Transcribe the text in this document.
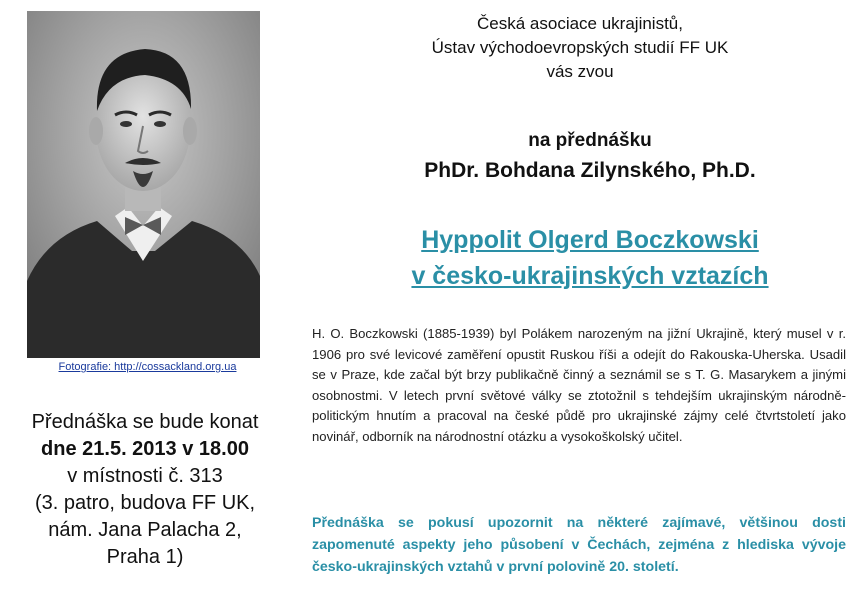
Fotografie: http://cossackland.org.ua
Přednáška se bude konat
dne 21.5. 2013 v 18.00
v místnosti č. 313
(3. patro, budova FF UK,
nám. Jana Palacha 2,
Praha 1)
Česká asociace ukrajinistů,
Ústav východoevropských studií FF UK
vás zvou
na přednášku
PhDr. Bohdana Zilynského, Ph.D.
Hyppolit Olgerd Boczkowski
v česko-ukrajinských vztazích
H. O. Boczkowski (1885-1939) byl Polákem narozeným na jižní Ukrajině, který musel v r. 1906 pro své levicové zaměření opustit Ruskou říši a odejít do Rakouska-Uherska. Usadil se v Praze, kde začal být brzy publikačně činný a seznámil se s T. G. Masarykem a jinými osobnostmi. V letech první světové války se ztotožnil s tehdejším ukrajinským národně-politickým hnutím a pracoval na české půdě pro ukrajinské zájmy celé čtvrtstoletí jako novinář, odborník na národnostní otázku a vysokoškolský učitel.
Přednáška se pokusí upozornit na některé zajímavé, většinou dosti zapomenuté aspekty jeho působení v Čechách, zejména z hlediska vývoje česko-ukrajinských vztahů v první polovině 20. století.
